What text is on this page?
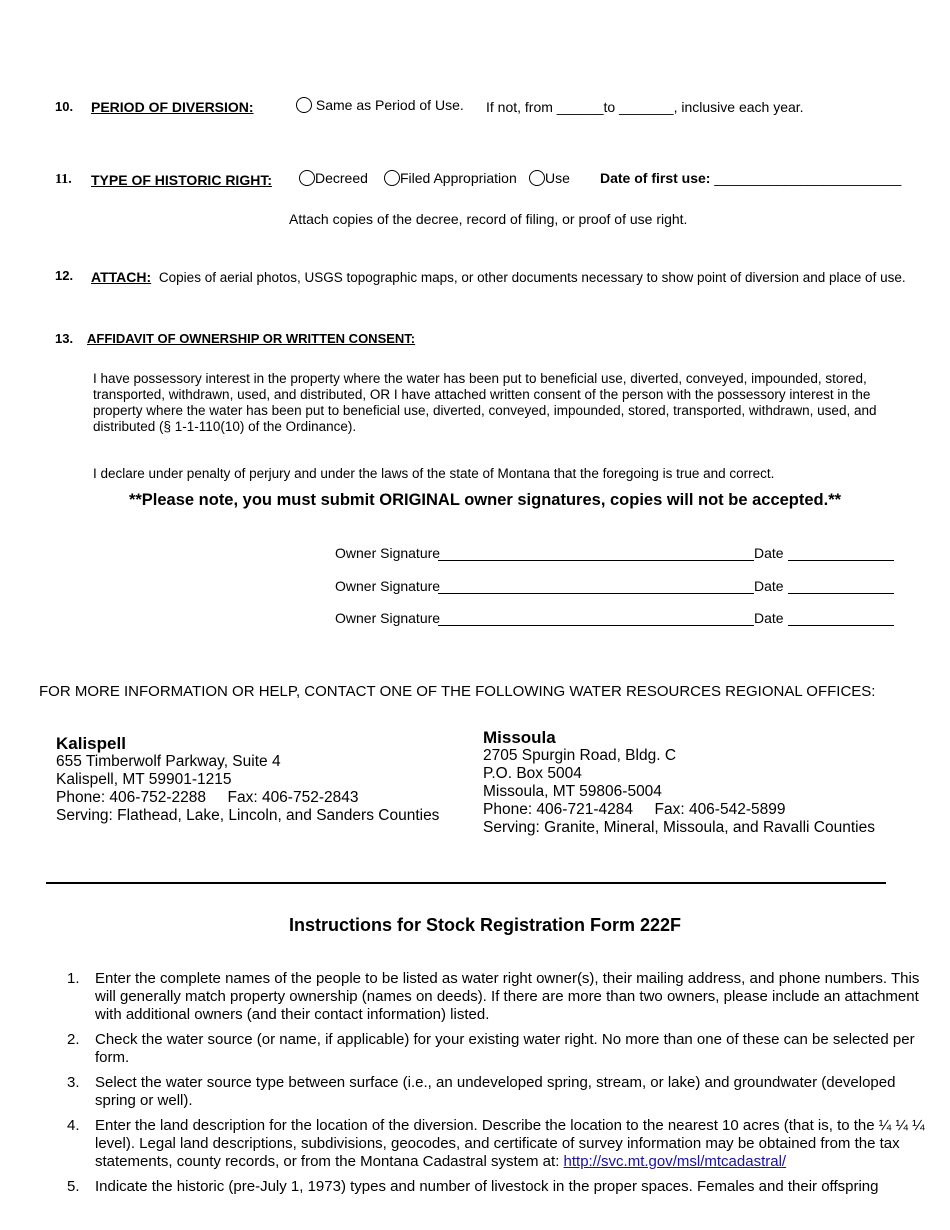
10. PERIOD OF DIVERSION:	Same as Period of Use. If not, from ______to _______, inclusive each year.
11. TYPE OF HISTORIC RIGHT:	Decreed	Filed Appropriation	Use Date of first use: ________________________
Attach copies of the decree, record of filing, or proof of use right.
12. ATTACH: Copies of aerial photos, USGS topographic maps, or other documents necessary to show point of diversion and place of use.
13. AFFIDAVIT OF OWNERSHIP OR WRITTEN CONSENT:
I have possessory interest in the property where the water has been put to beneficial use, diverted, conveyed, impounded, stored, transported, withdrawn, used, and distributed, OR I have attached written consent of the person with the possessory interest in the property where the water has been put to beneficial use, diverted, conveyed, impounded, stored, transported, withdrawn, used, and distributed (§ 1-1-110(10) of the Ordinance).
I declare under penalty of perjury and under the laws of the state of Montana that the foregoing is true and correct.
**Please note, you must submit ORIGINAL owner signatures, copies will not be accepted.**
Owner Signature	Date
Owner Signature	Date
Owner Signature	Date
FOR MORE INFORMATION OR HELP, CONTACT ONE OF THE FOLLOWING WATER RESOURCES REGIONAL OFFICES:
Kalispell
655 Timberwolf Parkway, Suite 4
Kalispell, MT 59901-1215
Phone: 406-752-2288     Fax: 406-752-2843
Serving: Flathead, Lake, Lincoln, and Sanders Counties
Missoula
2705 Spurgin Road, Bldg. C
P.O. Box 5004
Missoula, MT 59806-5004
Phone: 406-721-4284     Fax: 406-542-5899
Serving: Granite, Mineral, Missoula, and Ravalli Counties
Instructions for Stock Registration Form 222F
1. Enter the complete names of the people to be listed as water right owner(s), their mailing address, and phone numbers. This will generally match property ownership (names on deeds). If there are more than two owners, please include an attachment with additional owners (and their contact information) listed.
2. Check the water source (or name, if applicable) for your existing water right. No more than one of these can be selected per form.
3. Select the water source type between surface (i.e., an undeveloped spring, stream, or lake) and groundwater (developed spring or well).
4. Enter the land description for the location of the diversion. Describe the location to the nearest 10 acres (that is, to the ¼ ¼ ¼ level). Legal land descriptions, subdivisions, geocodes, and certificate of survey information may be obtained from the tax statements, county records, or from the Montana Cadastral system at: http://svc.mt.gov/msl/mtcadastral/
5. Indicate the historic (pre-July 1, 1973) types and number of livestock in the proper spaces. Females and their offspring
